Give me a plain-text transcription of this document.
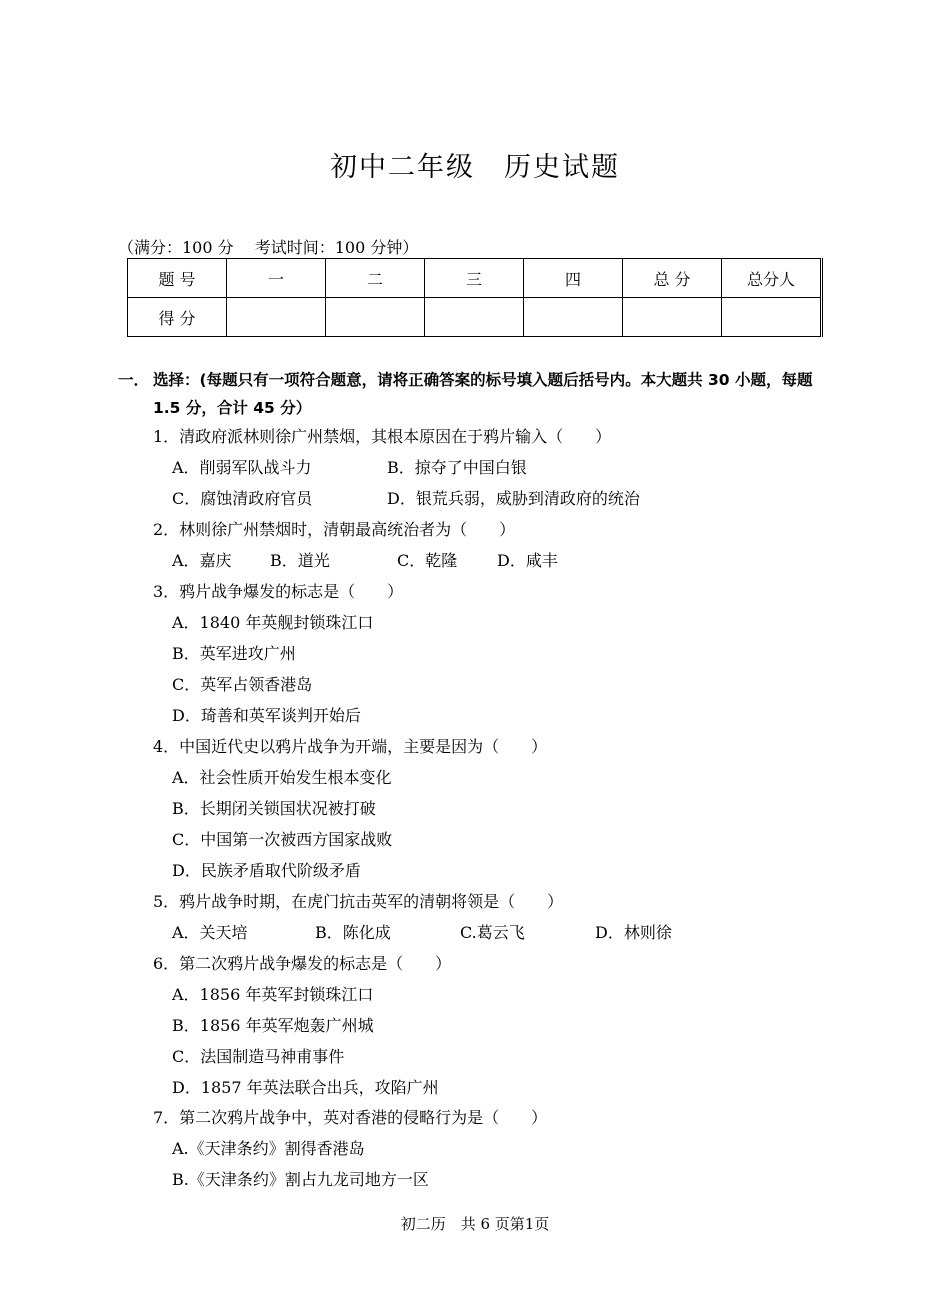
初中二年级　历史试题
（满分：100 分　 考试时间：100 分钟）
题 号	一	二	三	四	总 分	总分人
得 分						
一． 选择：(每题只有一项符合题意，请将正确答案的标号填入题后括号内。本大题共 30 小题，每题 1.5 分，合计 45 分）
1．清政府派林则徐广州禁烟，其根本原因在于鸦片输入（　　）
A．削弱军队战斗力	B．掠夺了中国白银
C．腐蚀清政府官员	D．银荒兵弱，威胁到清政府的统治
2．林则徐广州禁烟时，清朝最高统治者为（　　）
A．嘉庆 B．道光	C．乾隆 D．咸丰
3．鸦片战争爆发的标志是（　　）
A．1840 年英舰封锁珠江口
B．英军进攻广州
C．英军占领香港岛
D．琦善和英军谈判开始后
4．中国近代史以鸦片战争为开端，主要是因为（　　）
A．社会性质开始发生根本变化
B．长期闭关锁国状况被打破
C．中国第一次被西方国家战败
D．民族矛盾取代阶级矛盾
5．鸦片战争时期，在虎门抗击英军的清朝将领是（　　）
A．关天培	B．陈化成	C.葛云飞	D．林则徐
6．第二次鸦片战争爆发的标志是（　　）
A．1856 年英军封锁珠江口
B．1856 年英军炮轰广州城
C．法国制造马神甫事件
D．1857 年英法联合出兵，攻陷广州
7．第二次鸦片战争中，英对香港的侵略行为是（　　）
A.《天津条约》割得香港岛
B.《天津条约》割占九龙司地方一区
初二历　共 6 页第1页
